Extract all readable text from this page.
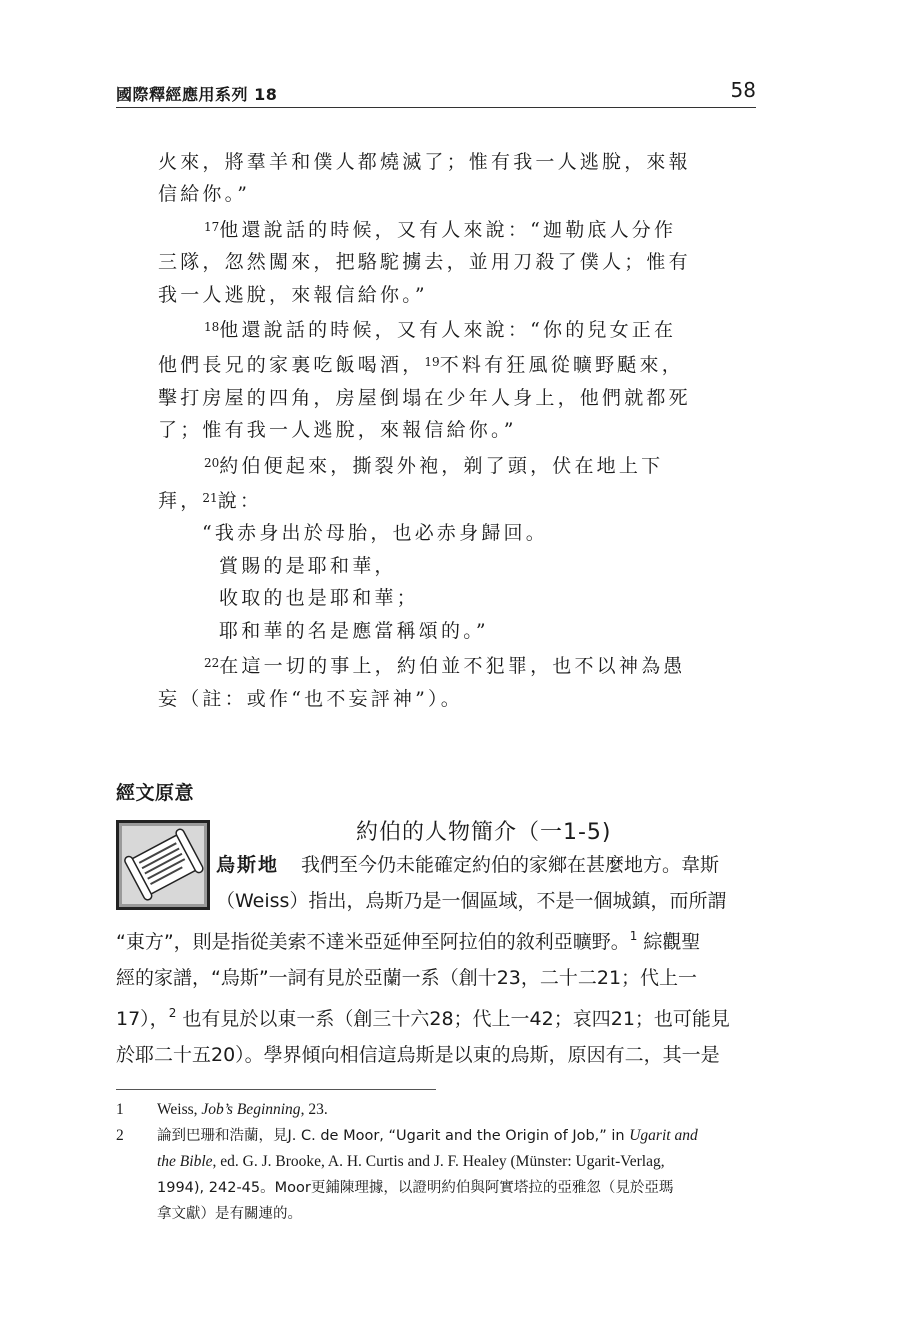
國際釋經應用系列 18	58

火來，將羣羊和僕人都燒滅了；惟有我一人逃脫，來報

信給你。”

$^{17}$他還說話的時候，又有人來說：“迦勒底人分作

三隊，忽然闖來，把駱駝擄去，並用刀殺了僕人；惟有

我一人逃脫，來報信給你。”

$^{18}$他還說話的時候，又有人來說：“你的兒女正在

他們長兄的家裏吃飯喝酒，$^{19}$不料有狂風從曠野颳來，

擊打房屋的四角，房屋倒塌在少年人身上，他們就都死

了；惟有我一人逃脫，來報信給你。”

$^{20}$約伯便起來，撕裂外袍，剃了頭，伏在地上下

拜，$^{21}$說：

“我赤身出於母胎，也必赤身歸回。

賞賜的是耶和華，

收取的也是耶和華；

耶和華的名是應當稱頌的。”

$^{22}$在這一切的事上，約伯並不犯罪，也不以神為愚

妄（註：或作“也不妄評神”）。

經文原意
約伯的人物簡介（一1-5)
烏斯地 我們至今仍未能確定約伯的家鄉在甚麼地方。韋斯
（Weiss）指出，烏斯乃是一個區域，不是一個城鎮，而所謂
“東方”，則是指從美索不達米亞延伸至阿拉伯的敘利亞曠野。$^1$ 綜觀聖
經的家譜，“烏斯”一詞有見於亞蘭一系（創十23，二十二21；代上一
17），$^2$ 也有見於以東一系（創三十六28；代上一42；哀四21；也可能見
於耶二十五20）。學界傾向相信這烏斯是以東的烏斯，原因有二，其一是
1 Weiss, Job’s Beginning, 23.
2 論到巴珊和浩蘭，見J. C. de Moor, “Ugarit and the Origin of Job,” in Ugarit and
the Bible, ed. G. J. Brooke, A. H. Curtis and J. F. Healey (Münster: Ugarit-Verlag,
1994), 242-45。Moor更鋪陳理據，以證明約伯與阿實塔拉的亞雅忽（見於亞瑪
拿文獻）是有關連的。
